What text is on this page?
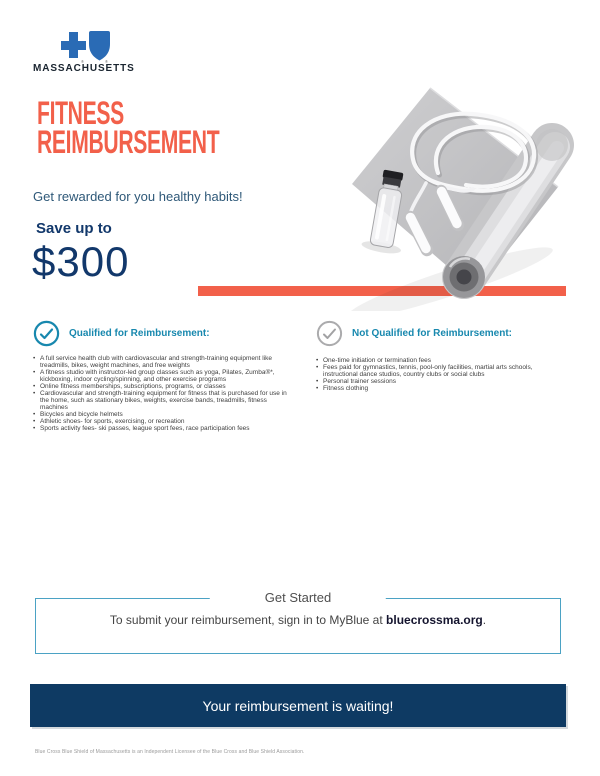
®	®
MASSACHUSETTS
FITNESS
REIMBURSEMENT
Get rewarded for you healthy habits!
Save up to
$300
Qualified for Reimbursement:
• A full service health club with cardiovascular and strength-training equipment like treadmills, bikes, weight machines, and free weights
• A fitness studio with instructor-led group classes such as yoga, Pilates, Zumba®*, kickboxing, indoor cycling/spinning, and other exercise programs
• Online fitness memberships, subscriptions, programs, or classes
• Cardiovascular and strength-training equipment for fitness that is purchased for use in the home, such as stationary bikes, weights, exercise bands, treadmills, fitness machines
• Bicycles and bicycle helmets
• Athletic shoes- for sports, exercising, or recreation
• Sports activity fees- ski passes, league sport fees, race participation fees
Not Qualified for Reimbursement:
• One-time initiation or termination fees
• Fees paid for gymnastics, tennis, pool-only facilities, martial arts schools, instructional dance studios, country clubs or social clubs
• Personal trainer sessions
• Fitness clothing
Get Started
To submit your reimbursement, sign in to MyBlue at bluecrossma.org.
Your reimbursement is waiting!
Blue Cross Blue Shield of Massachusetts is an Independent Licensee of the Blue Cross and Blue Shield Association.
